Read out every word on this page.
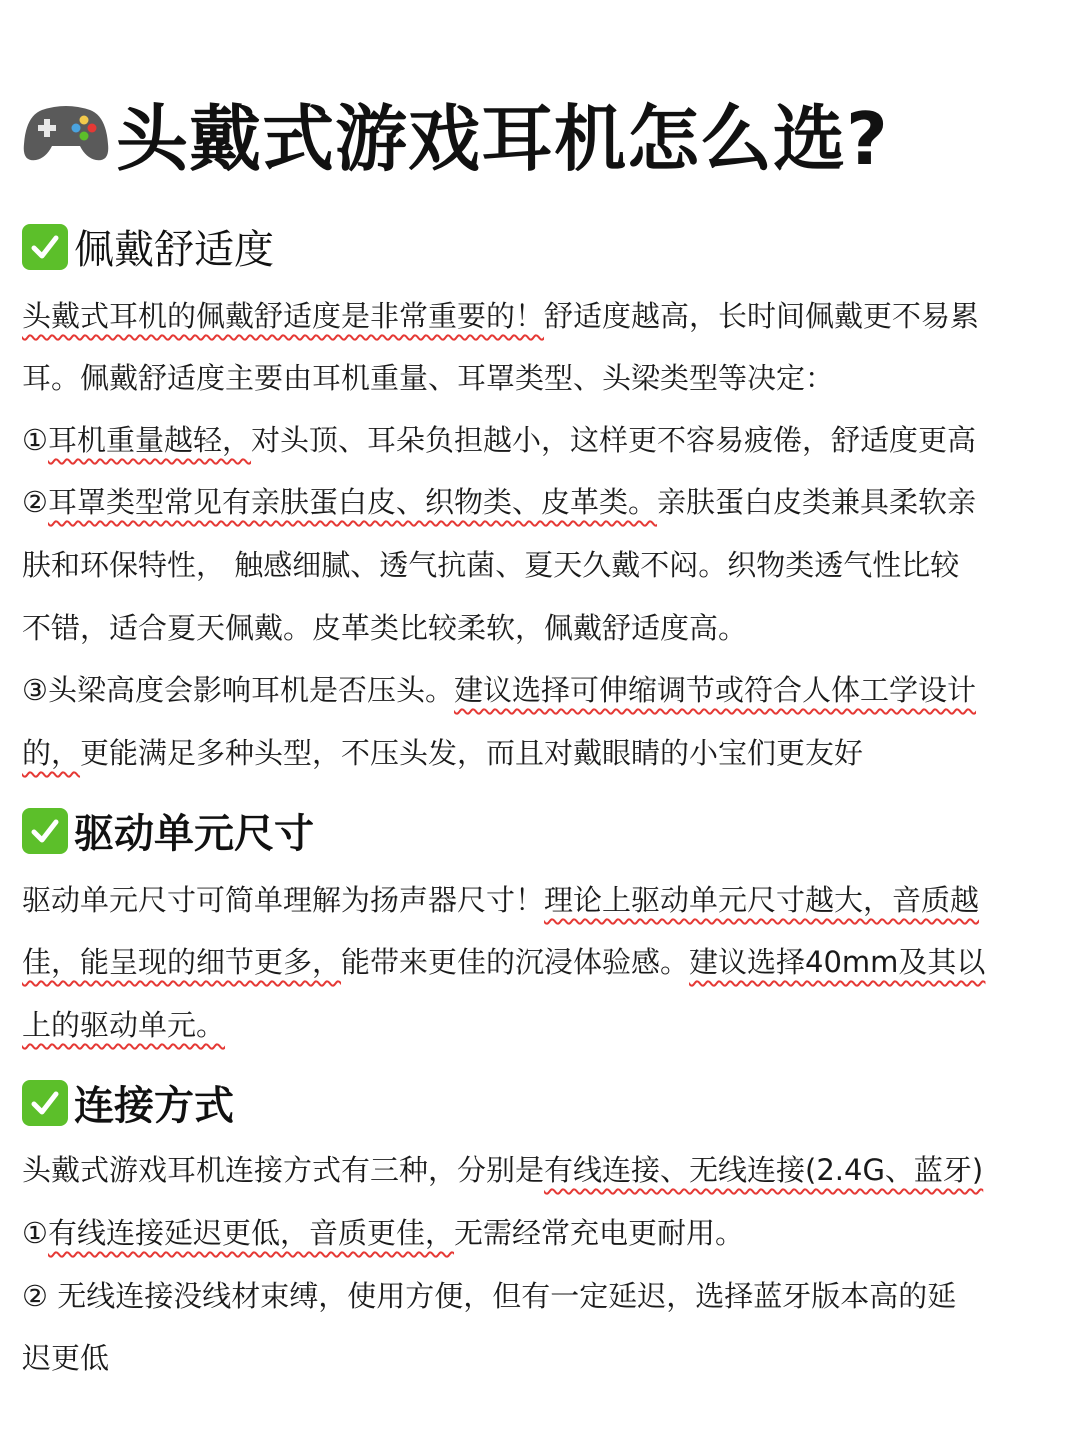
头戴式游戏耳机怎么选?
佩戴舒适度
头戴式耳机的佩戴舒适度是非常重要的！舒适度越高，长时间佩戴更不易累
耳。佩戴舒适度主要由耳机重量、耳罩类型、头梁类型等决定：
①耳机重量越轻，对头顶、耳朵负担越小，这样更不容易疲倦，舒适度更高
②耳罩类型常见有亲肤蛋白皮、织物类、皮革类。亲肤蛋白皮类兼具柔软亲
肤和环保特性， 触感细腻、透气抗菌、夏天久戴不闷。织物类透气性比较
不错，适合夏天佩戴。皮革类比较柔软，佩戴舒适度高。
③头梁高度会影响耳机是否压头。建议选择可伸缩调节或符合人体工学设计
的，更能满足多种头型，不压头发，而且对戴眼睛的小宝们更友好
驱动单元尺寸
驱动单元尺寸可简单理解为扬声器尺寸！理论上驱动单元尺寸越大，音质越
佳，能呈现的细节更多，能带来更佳的沉浸体验感。建议选择40mm及其以
上的驱动单元。
连接方式
头戴式游戏耳机连接方式有三种，分别是有线连接、无线连接(2.4G、蓝牙)
①有线连接延迟更低，音质更佳，无需经常充电更耐用。
② 无线连接没线材束缚，使用方便，但有一定延迟，选择蓝牙版本高的延
迟更低
